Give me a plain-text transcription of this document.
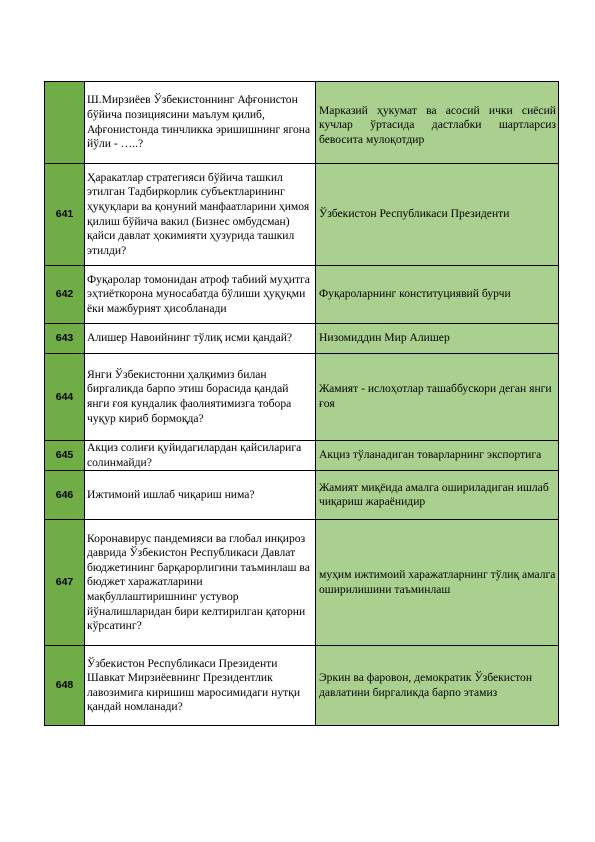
	Ш.Мирзиёев Ўзбекистоннинг Афғонистон бўйича позициясини маълум қилиб, Афғонистонда тинчликка эришишнинг ягона йўли - …..?	Марказий ҳукумат ва асосий ички сиёсий кучлар ўртасида дастлабки шартларсиз бевосита мулоқотдир
641	Ҳаракатлар стратегияси бўйича ташкил этилган Тадбиркорлик субъектларининг ҳуқуқлари ва қонуний манфаатларини ҳимоя қилиш бўйича вакил (Бизнес омбудсман) қайси давлат ҳокимияти ҳузурида ташкил этилди?	Ўзбекистон Республикаси Президенти
642	Фуқаролар томонидан атроф табиий муҳитга эҳтиёткорона муносабатда бўлиши ҳуқуқми ёки мажбурият ҳисобланади	Фуқароларнинг конституциявий бурчи
643	Алишер Навоийнинг тўлиқ исми қандай?	Низомиддин Мир Алишер
644	Янги Ўзбекистонни ҳалқимиз билан биргаликда барпо этиш борасида қандай янги ғоя кундалик фаолиятимизга тобора чуқур кириб бормоқда?	Жамият - ислоҳотлар ташаббускори деган янги ғоя
645	Акциз солиғи қуйидагилардан қайсиларига солинмайди?	Акциз тўланадиган товарларнинг экспортига
646	Ижтимоий ишлаб чиқариш нима?	Жамият миқёида амалга ошириладиган ишлаб чиқариш жараёнидир
647	Коронавирус пандемияси ва глобал инқироз даврида Ўзбекистон Республикаси Давлат бюджетининг барқарорлигини таъминлаш ва бюджет харажатларини мақбуллаштиришнинг устувор йўналишларидан бири келтирилган қаторни кўрсатинг?	муҳим ижтимоий харажатларнинг тўлиқ амалга оширилишини таъминлаш
648	Ўзбекистон Республикаси Президенти Шавкат Мирзиёевнинг Президентлик лавозимига киришиш маросимидаги нутқи қандай номланади?	Эркин ва фаровон, демократик Ўзбекистон давлатини биргаликда барпо этамиз
